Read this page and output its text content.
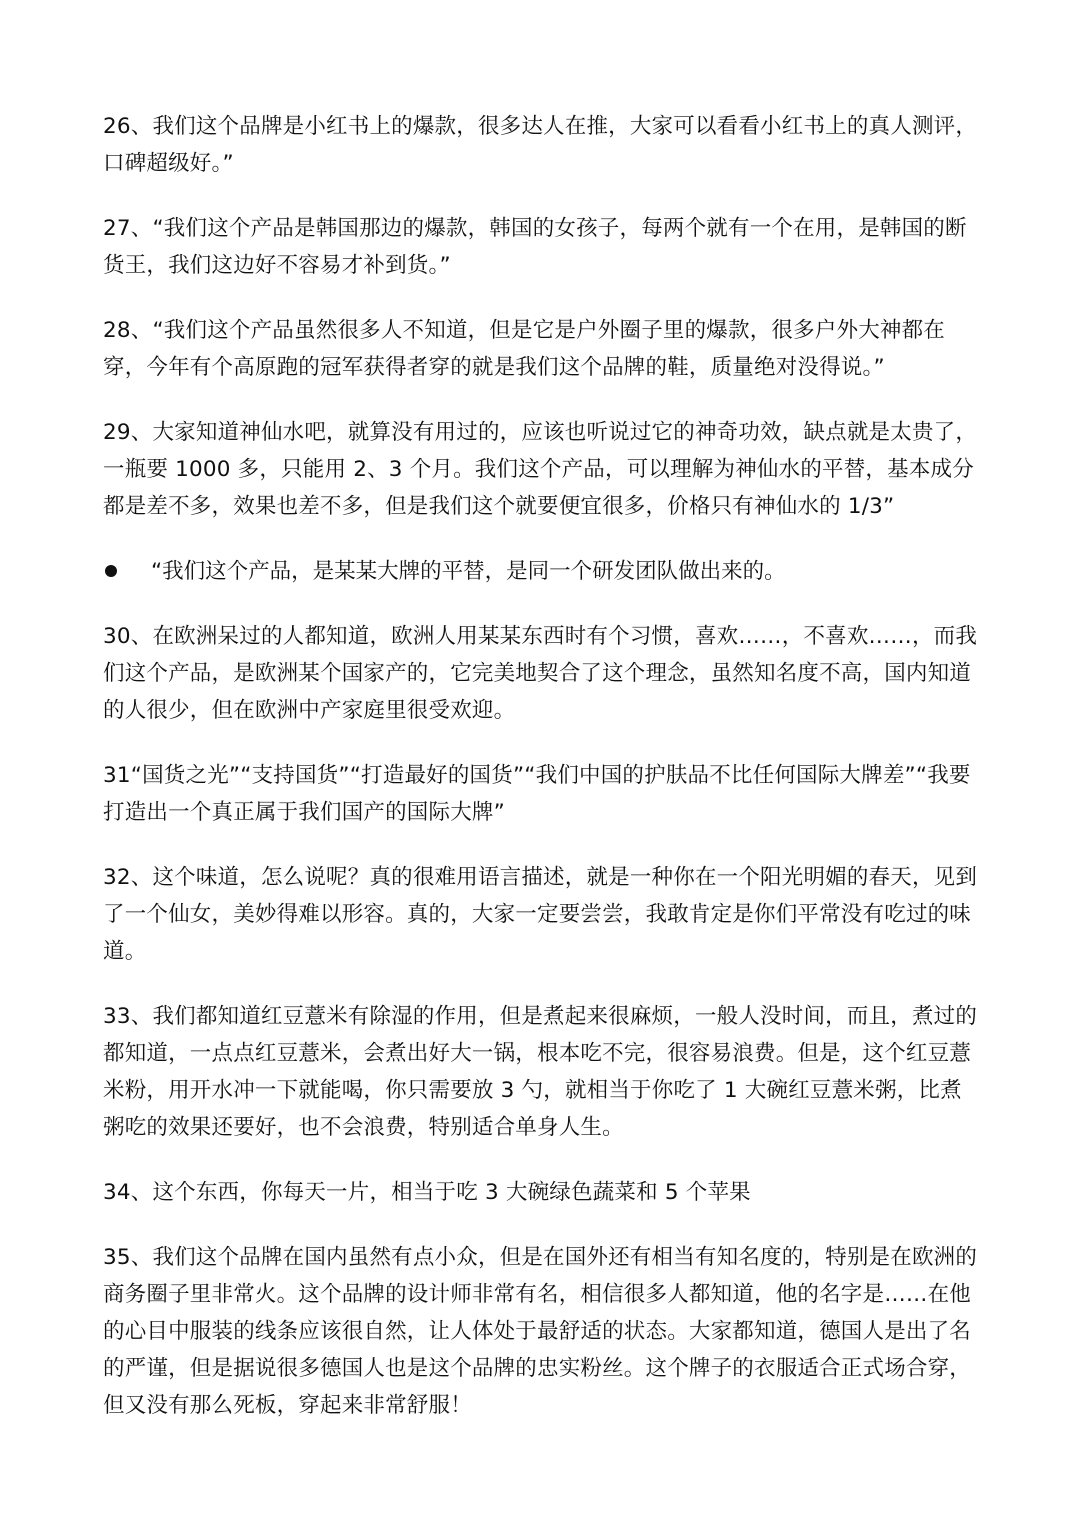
26、我们这个品牌是小红书上的爆款，很多达人在推，大家可以看看小红书上的真人测评，口碑超级好。”

27、“我们这个产品是韩国那边的爆款，韩国的女孩子，每两个就有一个在用，是韩国的断货王，我们这边好不容易才补到货。”

28、“我们这个产品虽然很多人不知道，但是它是户外圈子里的爆款，很多户外大神都在穿，今年有个高原跑的冠军获得者穿的就是我们这个品牌的鞋，质量绝对没得说。”

29、大家知道神仙水吧，就算没有用过的，应该也听说过它的神奇功效，缺点就是太贵了，一瓶要 1000 多，只能用 2、3 个月。我们这个产品，可以理解为神仙水的平替，基本成分都是差不多，效果也差不多，但是我们这个就要便宜很多，价格只有神仙水的 1/3”

“我们这个产品，是某某大牌的平替，是同一个研发团队做出来的。

30、在欧洲呆过的人都知道，欧洲人用某某东西时有个习惯，喜欢……，不喜欢……，而我们这个产品，是欧洲某个国家产的，它完美地契合了这个理念，虽然知名度不高，国内知道的人很少，但在欧洲中产家庭里很受欢迎。

31“国货之光”“支持国货”“打造最好的国货”“我们中国的护肤品不比任何国际大牌差”“我要打造出一个真正属于我们国产的国际大牌”

32、这个味道，怎么说呢？真的很难用语言描述，就是一种你在一个阳光明媚的春天，见到了一个仙女，美妙得难以形容。真的，大家一定要尝尝，我敢肯定是你们平常没有吃过的味道。

33、我们都知道红豆薏米有除湿的作用，但是煮起来很麻烦，一般人没时间，而且，煮过的都知道，一点点红豆薏米，会煮出好大一锅，根本吃不完，很容易浪费。但是，这个红豆薏米粉，用开水冲一下就能喝，你只需要放 3 勺，就相当于你吃了 1 大碗红豆薏米粥，比煮粥吃的效果还要好，也不会浪费，特别适合单身人生。

34、这个东西，你每天一片，相当于吃 3 大碗绿色蔬菜和 5 个苹果

35、我们这个品牌在国内虽然有点小众，但是在国外还有相当有知名度的，特别是在欧洲的商务圈子里非常火。这个品牌的设计师非常有名，相信很多人都知道，他的名字是……在他的心目中服装的线条应该很自然，让人体处于最舒适的状态。大家都知道，德国人是出了名的严谨，但是据说很多德国人也是这个品牌的忠实粉丝。这个牌子的衣服适合正式场合穿，但又没有那么死板，穿起来非常舒服！
